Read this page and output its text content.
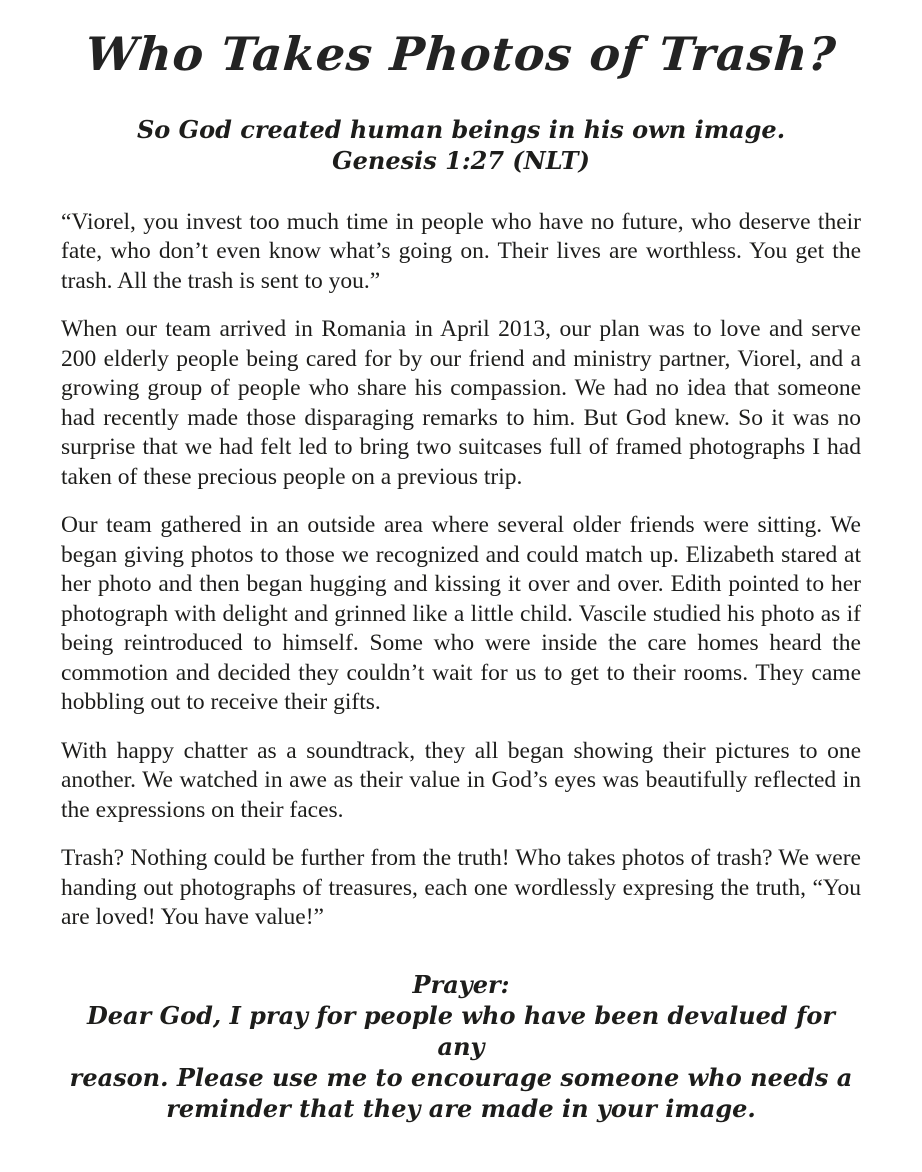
Who Takes Photos of Trash?
So God created human beings in his own image.
Genesis 1:27 (NLT)

“Viorel, you invest too much time in people who have no future, who deserve their fate, who don’t even know what’s going on. Their lives are worthless. You get the trash. All the trash is sent to you.”

When our team arrived in Romania in April 2013, our plan was to love and serve 200 elderly people being cared for by our friend and ministry partner, Viorel, and a growing group of people who share his compassion. We had no idea that someone had recently made those disparaging remarks to him. But God knew. So it was no surprise that we had felt led to bring two suitcases full of framed photographs I had taken of these precious people on a previous trip.

Our team gathered in an outside area where several older friends were sitting. We began giving photos to those we recognized and could match up. Elizabeth stared at her photo and then began hugging and kissing it over and over. Edith pointed to her photograph with delight and grinned like a little child. Vascile studied his photo as if being reintroduced to himself. Some who were inside the care homes heard the commotion and decided they couldn’t wait for us to get to their rooms. They came hobbling out to receive their gifts.

With happy chatter as a soundtrack, they all began showing their pictures to one another. We watched in awe as their value in God’s eyes was beautifully reflected in the expressions on their faces.

Trash? Nothing could be further from the truth! Who takes photos of trash? We were handing out photographs of treasures, each one wordlessly expresing the truth, “You are loved! You have value!”

Prayer:
Dear God, I pray for people who have been devalued for any
reason. Please use me to encourage someone who needs a
reminder that they are made in your image.
